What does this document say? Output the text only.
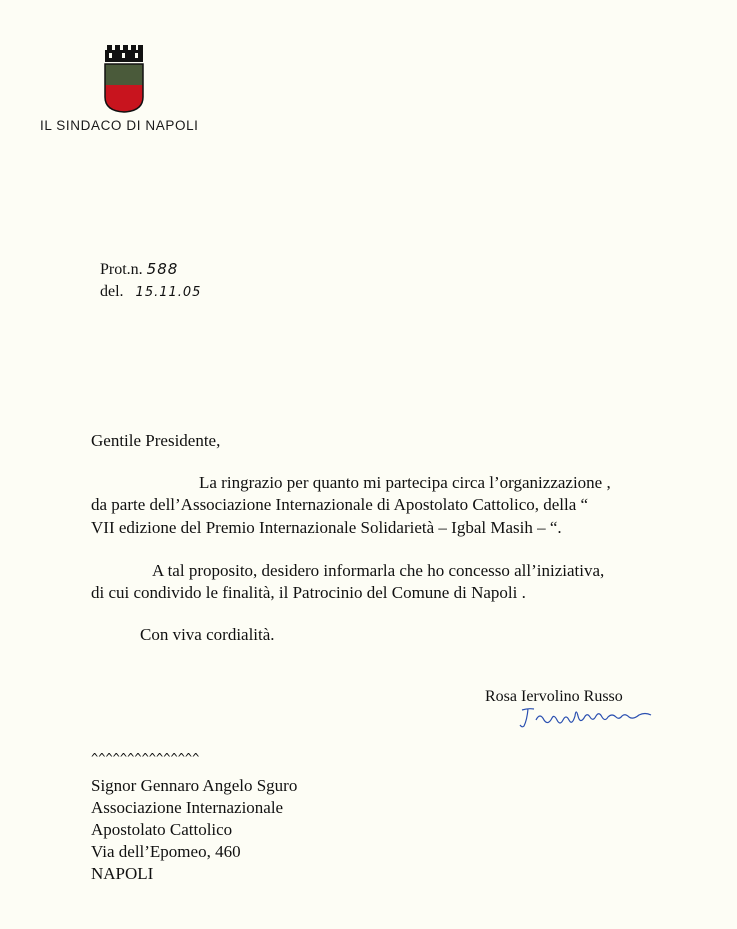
IL SINDACO DI NAPOLI
Prot.n. 588
del. 15.11.05
Gentile Presidente,
La ringrazio per quanto mi partecipa circa l’organizzazione ,
da parte dell’Associazione Internazionale di Apostolato Cattolico, della “
VII edizione del Premio Internazionale Solidarietà – Igbal Masih – “.
A tal proposito, desidero informarla che ho concesso all’iniziativa,
di cui condivido le finalità, il Patrocinio del Comune di Napoli .
Con viva cordialità.
Rosa Iervolino Russo
^^^^^^^^^^^^^^^
Signor Gennaro Angelo Sguro
Associazione Internazionale
Apostolato Cattolico
Via dell’Epomeo, 460
NAPOLI
